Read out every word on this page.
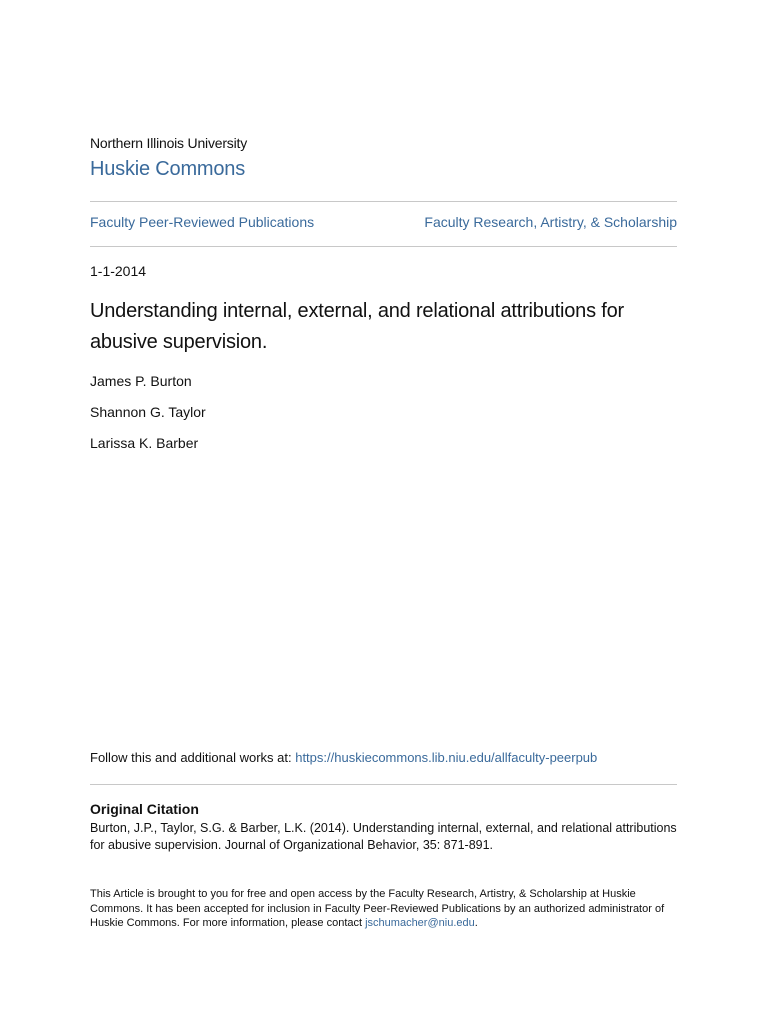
Northern Illinois University
Huskie Commons
Faculty Peer-Reviewed Publications	Faculty Research, Artistry, & Scholarship
1-1-2014
Understanding internal, external, and relational attributions for abusive supervision.
James P. Burton
Shannon G. Taylor
Larissa K. Barber
Follow this and additional works at: https://huskiecommons.lib.niu.edu/allfaculty-peerpub
Original Citation
Burton, J.P., Taylor, S.G. & Barber, L.K. (2014). Understanding internal, external, and relational attributions for abusive supervision. Journal of Organizational Behavior, 35: 871-891.
This Article is brought to you for free and open access by the Faculty Research, Artistry, & Scholarship at Huskie Commons. It has been accepted for inclusion in Faculty Peer-Reviewed Publications by an authorized administrator of Huskie Commons. For more information, please contact jschumacher@niu.edu.
